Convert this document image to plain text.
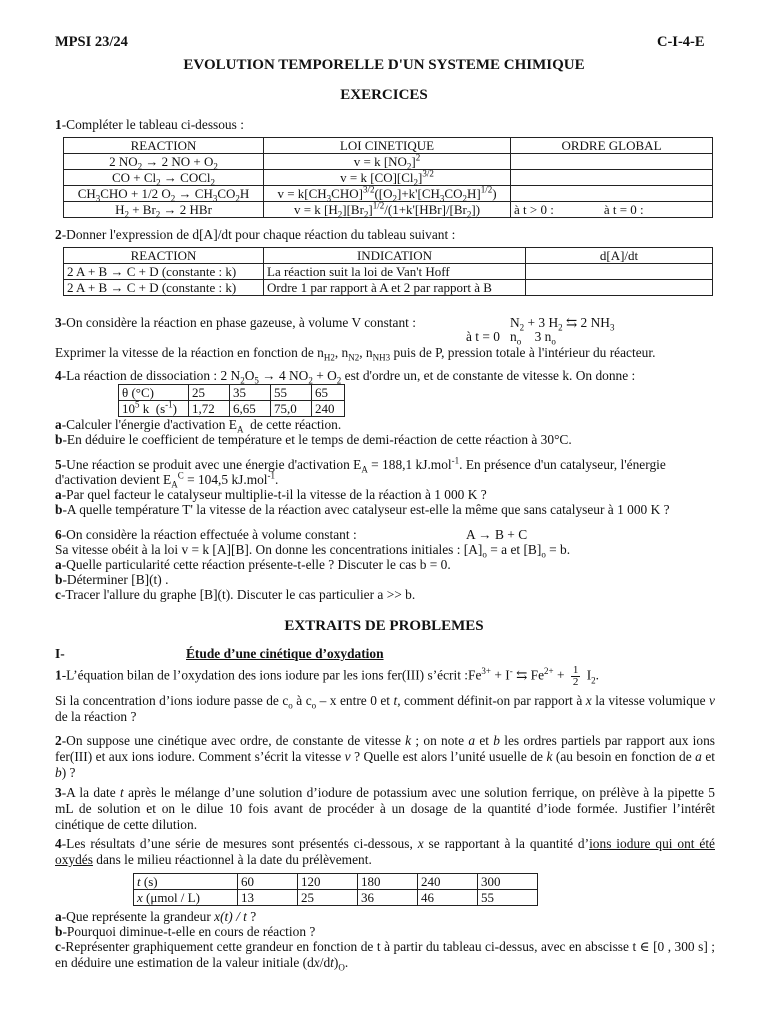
MPSI 23/24	C-I-4-E
EVOLUTION TEMPORELLE D'UN SYSTEME CHIMIQUE
EXERCICES
1-Compléter le tableau ci-dessous :
REACTION	LOI CINETIQUE	ORDRE GLOBAL
2 $NO_2 \to 2$ NO + $O_2$	v = k $[NO_2]^2$	
CO + $Cl_2$ → COCl$_2$	v = k $[CO][Cl_2]^{3/2}$	
$CH_3CHO + 1/2$ $O_2 \to CH_3CO_2H$	$v = k[CH_3CHO]^{3/2}([O_2]+k'[CH_3CO_2H]^{1/2})$	
$H_2 + Br_2 \to 2$ HBr	v = k $[H_2][Br_2]^{1/2}/(1+k'[HBr]/[Br_2])$	à t > 0 : à t = 0 :
2-Donner l'expression de d[A]/dt pour chaque réaction du tableau suivant :
REACTION	INDICATION	d[A]/dt
2 A + B → C + D (constante : k)	La réaction suit la loi de Van't Hoff	
2 A + B → C + D (constante : k)	Ordre 1 par rapport à A et 2 par rapport à B	
3-On considère la réaction en phase gazeuse, à volume V constant :	$N_2 + 3$ $H_2$ ⇆ 2 $NH_3$
à t = 0 $n_o$ 3 $n_o$
Exprimer la vitesse de la réaction en fonction de $n_{H2}$, $n_{N2}$, $n_{NH3}$ puis de P, pression totale à l'intérieur du réacteur.
4-La réaction de dissociation : 2 $N_2O_5 \to 4$ $NO_2 + O_2$ est d'ordre un, et de constante de vitesse k. On donne :
θ (°C)	25	35	55	65
$10^5$ k  $(s^{-1})$	1,72	6,65	75,0	240
a-Calculer l'énergie d'activation $E_A$  de cette réaction.
b-En déduire le coefficient de température et le temps de demi-réaction de cette réaction à 30°C.
5-Une réaction se produit avec une énergie d'activation $E_A = 188,1$ kJ.mol$^{-1}$. En présence d'un catalyseur, l'énergie
d'activation devient $E_A^C = 104,5$ kJ.mol$^{-1}$.
a-Par quel facteur le catalyseur multiplie-t-il la vitesse de la réaction à 1 000 K ?
b-A quelle température T' la vitesse de la réaction avec catalyseur est-elle la même que sans catalyseur à 1 000 K ?
6-On considère la réaction effectuée à volume constant :	A → B + C
Sa vitesse obéit à la loi v = k [A][B]. On donne les concentrations initiales : $[A]_o = a$ et $[B]_o = b$.
a-Quelle particularité cette réaction présente-t-elle ? Discuter le cas b = 0.
b-Déterminer [B](t) .
c-Tracer l'allure du graphe [B](t). Discuter le cas particulier a >> b.
EXTRAITS DE PROBLEMES
I-	Étude d’une cinétique d’oxydation
1-L’équation bilan de l’oxydation des ions iodure par les ions fer(III) s’écrit $:Fe^{3+} + I^-$ ⇆ $Fe^{2+} + \frac{1}{2} I_2$.
Si la concentration d’ions iodure passe de $c_o$ à $c_o$ – x entre 0 et t, comment définit-on par rapport à x la vitesse volumique v de la réaction ?
2-On suppose une cinétique avec ordre, de constante de vitesse k ; on note a et b les ordres partiels par rapport aux ions fer(III) et aux ions iodure. Comment s’écrit la vitesse v ? Quelle est alors l’unité usuelle de k (au besoin en fonction de a et b) ?
3-A la date t après le mélange d’une solution d’iodure de potassium avec une solution ferrique, on prélève à la pipette 5 mL de solution et on le dilue 10 fois avant de procéder à un dosage de la quantité d’iode formée. Justifier l’intérêt cinétique de cette dilution.
4-Les résultats d’une série de mesures sont présentés ci-dessous, x se rapportant à la quantité d’ions iodure qui ont été oxydés dans le milieu réactionnel à la date du prélèvement.
t (s)	60	120	180	240	300
x (μmol / L)	13	25	36	46	55
a-Que représente la grandeur x(t) / t ?
b-Pourquoi diminue-t-elle en cours de réaction ?
c-Représenter graphiquement cette grandeur en fonction de t à partir du tableau ci-dessus, avec en abscisse t ∈ [0 , 300 s] ; en déduire une estimation de la valeur initiale $(dx/dt)_O$.
